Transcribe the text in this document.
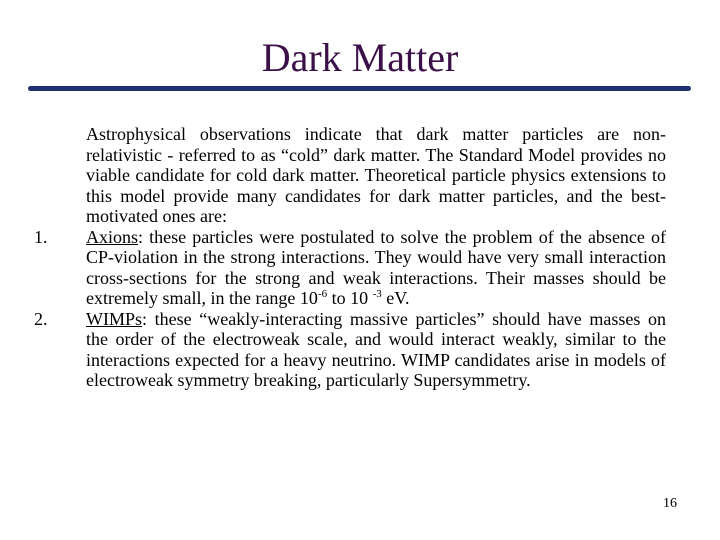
Dark Matter

Astrophysical observations indicate that dark matter particles are non-relativistic - referred to as “cold” dark matter. The Standard Model provides no viable candidate for cold dark matter. Theoretical particle physics extensions to this model provide many candidates for dark matter particles, and the best-motivated ones are:

1. Axions: these particles were postulated to solve the problem of the absence of CP-violation in the strong interactions. They would have very small interaction cross-sections for the strong and weak interactions. Their masses should be extremely small, in the range $10^{-6}$ to 10 $^{-3}$ eV.
2. WIMPs: these “weakly-interacting massive particles” should have masses on the order of the electroweak scale, and would interact weakly, similar to the interactions expected for a heavy neutrino. WIMP candidates arise in models of electroweak symmetry breaking, particularly Supersymmetry.
16
